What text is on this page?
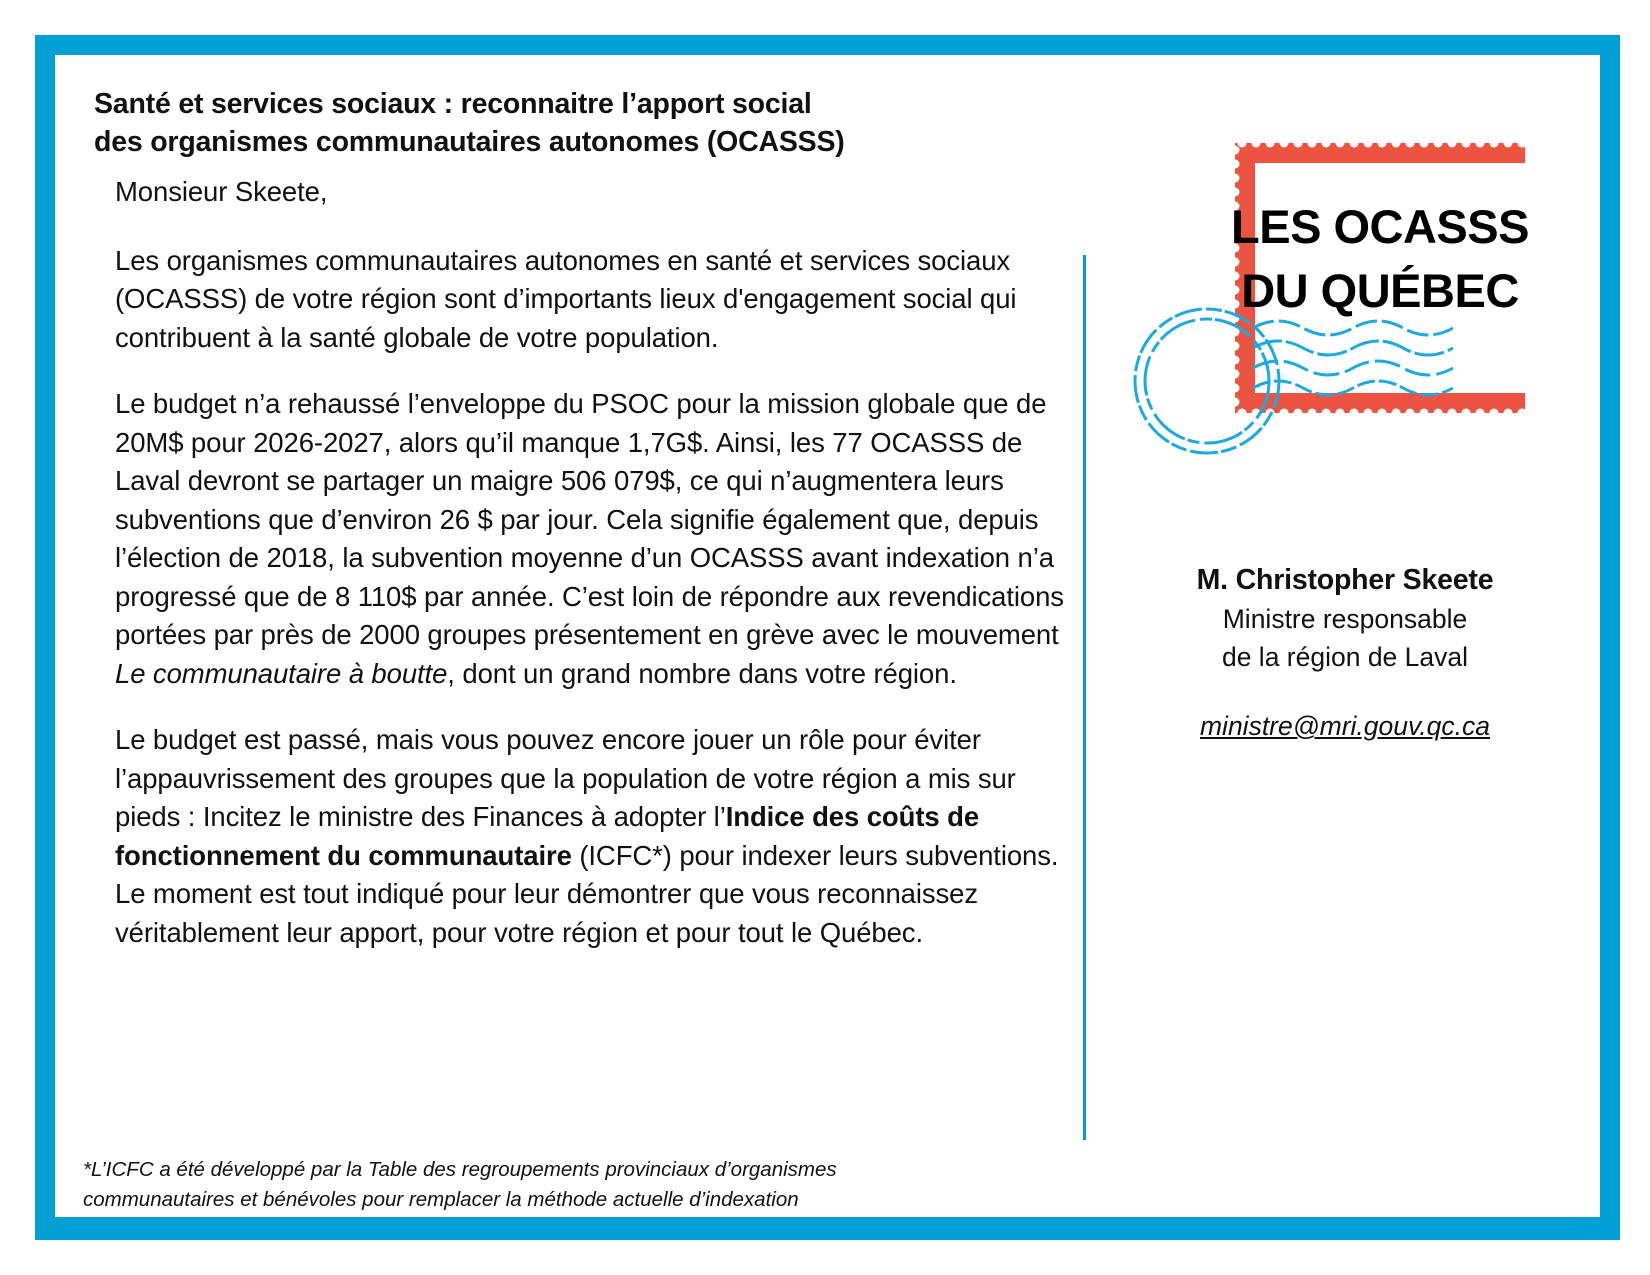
Santé et services sociaux : reconnaitre l’apport social
des organismes communautaires autonomes (OCASSS)

Monsieur Skeete,

Les organismes communautaires autonomes en santé et services sociaux (OCASSS) de votre région sont d’importants lieux d'engagement social qui contribuent à la santé globale de votre population.

Le budget n’a rehaussé l’enveloppe du PSOC pour la mission globale que de 20M$ pour 2026-2027, alors qu’il manque 1,7G$. Ainsi, les 77 OCASSS de Laval devront se partager un maigre 506 079$, ce qui n’augmentera leurs subventions que d’environ 26 $ par jour. Cela signifie également que, depuis l’élection de 2018, la subvention moyenne d’un OCASSS avant indexation n’a progressé que de 8 110$ par année. C’est loin de répondre aux revendications portées par près de 2000 groupes présentement en grève avec le mouvement Le communautaire à boutte, dont un grand nombre dans votre région.

Le budget est passé, mais vous pouvez encore jouer un rôle pour éviter l’appauvrissement des groupes que la population de votre région a mis sur pieds : Incitez le ministre des Finances à adopter l’Indice des coûts de fonctionnement du communautaire (ICFC*) pour indexer leurs subventions. Le moment est tout indiqué pour leur démontrer que vous reconnaissez véritablement leur apport, pour votre région et pour tout le Québec.

*L’ICFC a été développé par la Table des regroupements provinciaux d’organismes
communautaires et bénévoles pour remplacer la méthode actuelle d’indexation
LES OCASSS
DU QUÉBEC
M. Christopher Skeete
Ministre responsable
de la région de Laval
ministre@mri.gouv.qc.ca
